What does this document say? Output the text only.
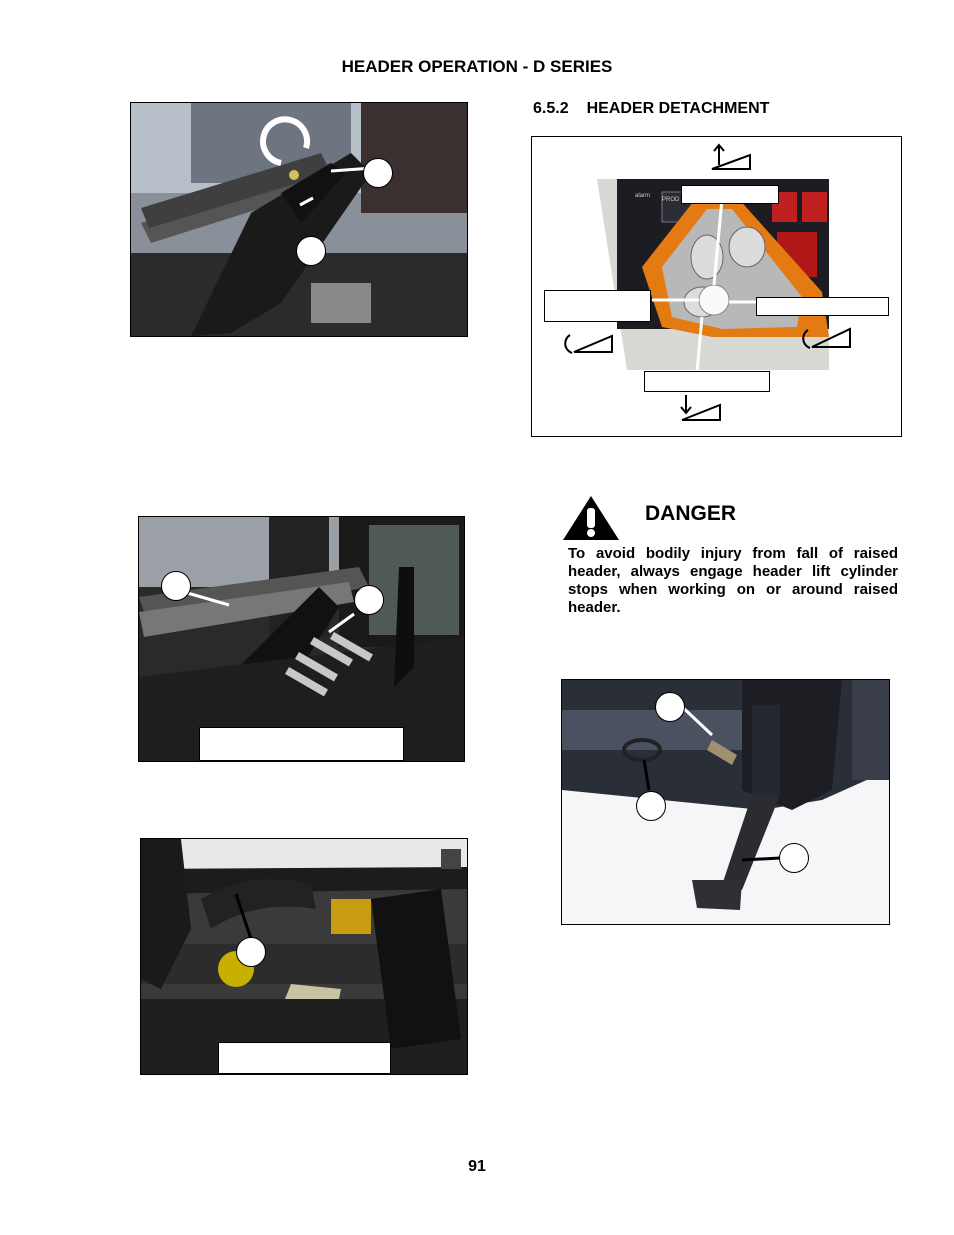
HEADER OPERATION - D SERIES
6.5.2 HEADER DETACHMENT
alarm
PROD
DANGER
To avoid bodily injury from fall of raised header, always engage header lift cylinder stops when working on or around raised header.
91
